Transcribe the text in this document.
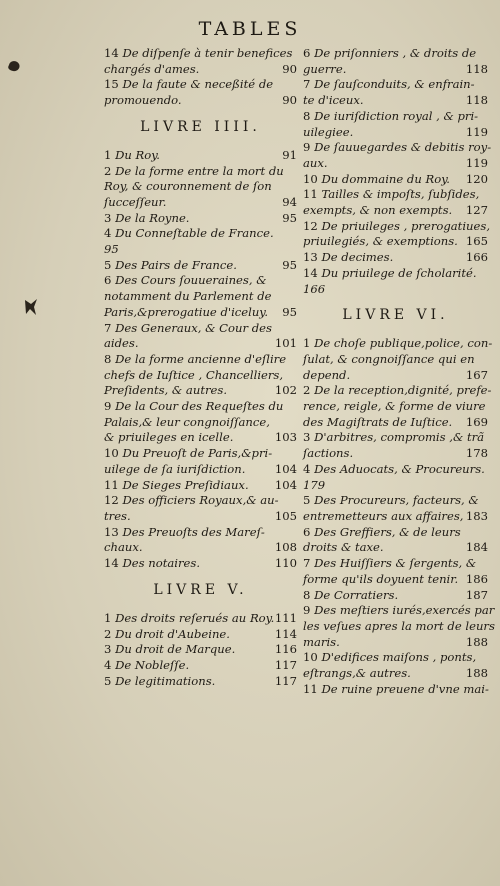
TABLES
14 De diſpenſe à tenir benefices
chargés d'ames.	90
15 De la faute & neceßité de
promouendo.	90
LIVRE IIII.
1 Du Roy.	91
2 De la forme entre la mort du
Roy, & couronnement de ſon
ſucceſſeur.	94
3 De la Royne.	95
4 Du Conneſtable de France.
95
5 Des Pairs de France.	95
6 Des Cours ſouueraines, &
notamment du Parlement de
Paris,&prerogatiue d'iceluy. 95
7 Des Generaux, & Cour des
aides.	101
8 De la forme ancienne d'eſlire
chefs de Iuſtice , Chancelliers,
Preſidents, & autres.	102
9 De la Cour des Requeſtes du
Palais,& leur congnoiſſance,
& priuileges en icelle.	103
10 Du Preuoſt de Paris,&pri-
uilege de ſa iuriſdiction.	104
11 De Sieges Preſidiaux. 104
12 Des officiers Royaux,& au-
tres.	105
13 Des Preuoſts des Mareſ-
chaux.	108
14 Des notaires.	110
LIVRE V.
1 Des droits reſerués au Roy. 111
2 Du droit d'Aubeine.	114
3 Du droit de Marque.	116
4 De Nobleſſe.	117
5 De legitimations.	117
6 De priſonniers , & droits de
guerre.	118
7 De ſauſconduits, & enfrain-
te d'iceux.	118
8 De iuriſdiction royal , & pri-
uilegiee.	119
9 De ſauuegardes & debitis roy-
aux.	119
10 Du dommaine du Roy. 120
11 Tailles & impoſts, ſubſides,
exempts, & non exempts. 127
12 De priuileges , prerogatiues,
priuilegiés, & exemptions. 165
13 De decimes.	166
14 Du priuilege de ſcholarité.
166
LIVRE VI.
1 De choſe publique,police, con-
ſulat, & congnoiſſance qui en
depend.	167
2 De la reception,dignité, prefe-
rence, reigle, & forme de viure
des Magiſtrats de Iuſtice. 169
3 D'arbitres, compromis ,& trã
ſactions.	178
4 Des Aduocats, & Procureurs.
179
5 Des Procureurs, facteurs, &
entremetteurs aux affaires, 183
6 Des Greffiers, & de leurs
droits & taxe.	184
7 Des Huiſſiers & ſergents, &
forme qu'ils doyuent tenir. 186
8 De Corratiers.	187
9 Des meſtiers iurés,exercés par
les veſues apres la mort de leurs
maris.	188
10 D'edifices maiſons , ponts,
eſtrangs,& autres.	188
11 De ruine preuene d'vne mai-
